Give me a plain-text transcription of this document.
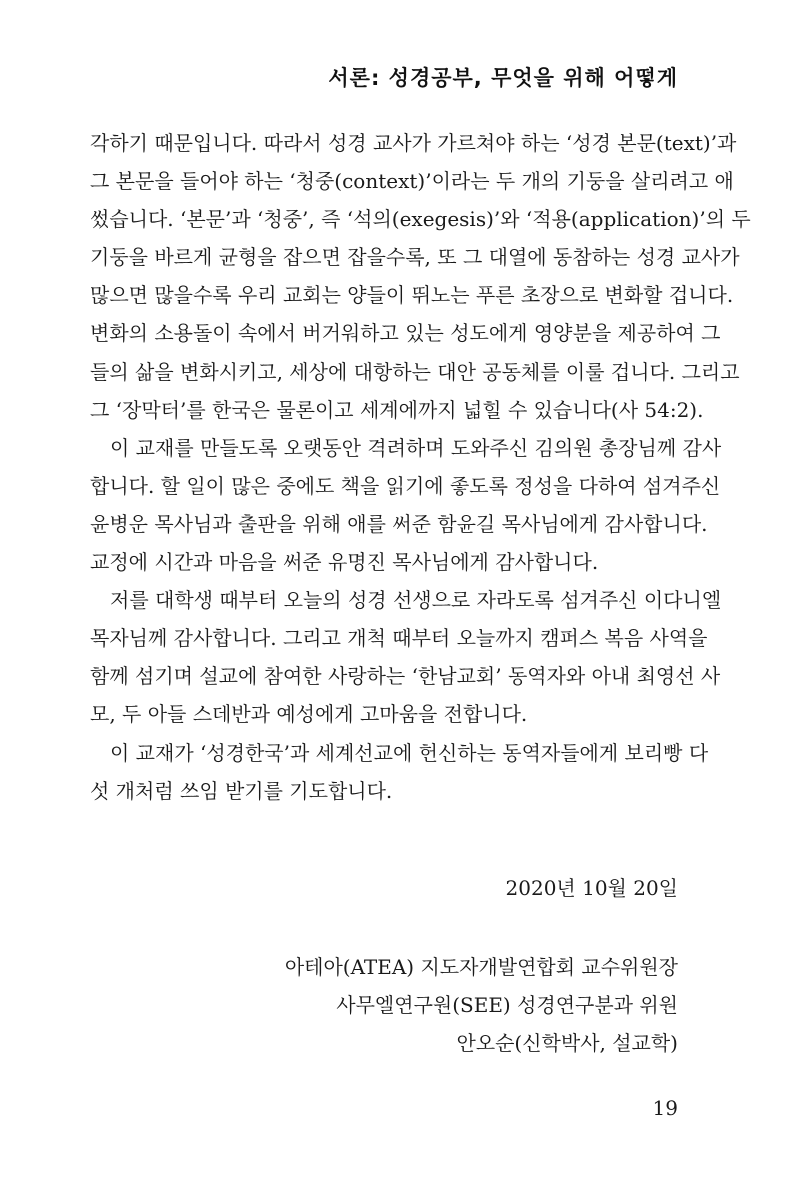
서론: 성경공부, 무엇을 위해 어떻게
각하기 때문입니다. 따라서 성경 교사가 가르쳐야 하는 ‘성경 본문(text)’과
그 본문을 들어야 하는 ‘청중(context)’이라는 두 개의 기둥을 살리려고 애
썼습니다. ‘본문’과 ‘청중’, 즉 ‘석의(exegesis)’와 ‘적용(application)’의 두
기둥을 바르게 균형을 잡으면 잡을수록, 또 그 대열에 동참하는 성경 교사가
많으면 많을수록 우리 교회는 양들이 뛰노는 푸른 초장으로 변화할 겁니다.
변화의 소용돌이 속에서 버거워하고 있는 성도에게 영양분을 제공하여 그
들의 삶을 변화시키고, 세상에 대항하는 대안 공동체를 이룰 겁니다. 그리고
그 ‘장막터’를 한국은 물론이고 세계에까지 넓힐 수 있습니다(사 54:2).
이 교재를 만들도록 오랫동안 격려하며 도와주신 김의원 총장님께 감사
합니다. 할 일이 많은 중에도 책을 읽기에 좋도록 정성을 다하여 섬겨주신
윤병운 목사님과 출판을 위해 애를 써준 함윤길 목사님에게 감사합니다.
교정에 시간과 마음을 써준 유명진 목사님에게 감사합니다.
저를 대학생 때부터 오늘의 성경 선생으로 자라도록 섬겨주신 이다니엘
목자님께 감사합니다. 그리고 개척 때부터 오늘까지 캠퍼스 복음 사역을
함께 섬기며 설교에 참여한 사랑하는 ‘한남교회’ 동역자와 아내 최영선 사
모, 두 아들 스데반과 예성에게 고마움을 전합니다.
이 교재가 ‘성경한국’과 세계선교에 헌신하는 동역자들에게 보리빵 다
섯 개처럼 쓰임 받기를 기도합니다.
2020년 10월 20일
아테아(ATEA) 지도자개발연합회 교수위원장
사무엘연구원(SEE) 성경연구분과 위원
안오순(신학박사, 설교학)
19
